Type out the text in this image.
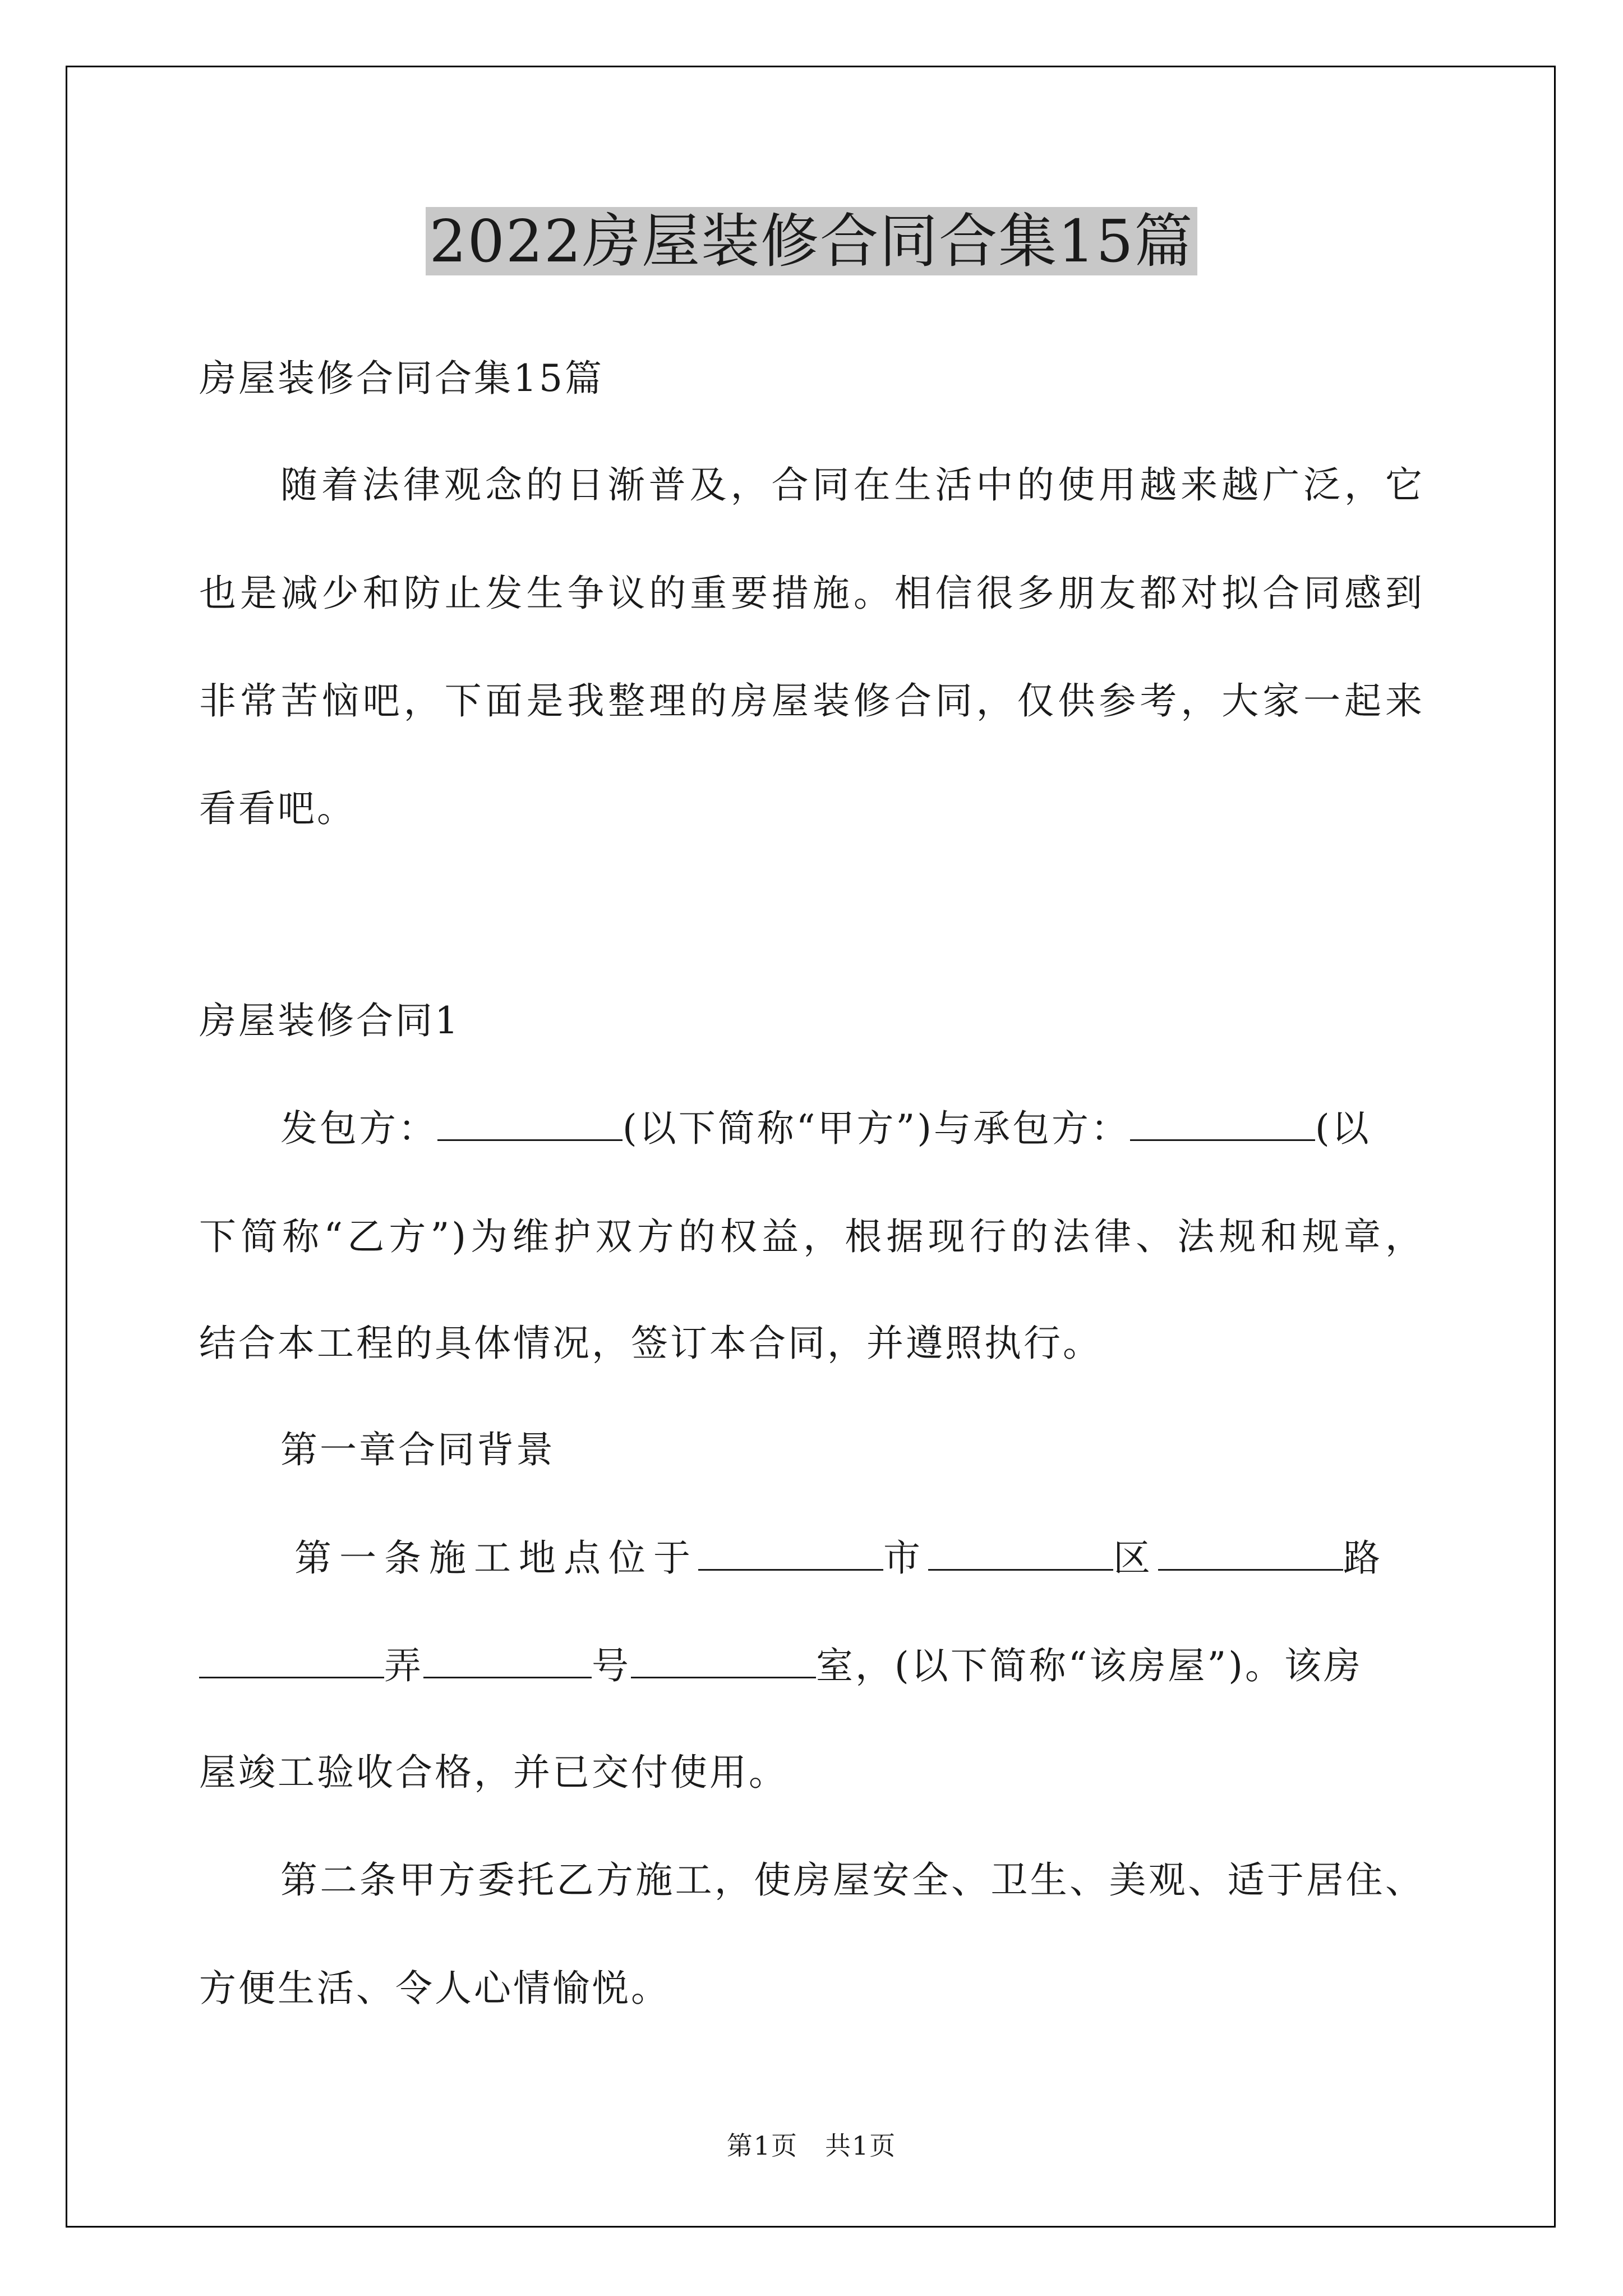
2022房屋装修合同合集15篇
房屋装修合同合集15篇
随着法律观念的日渐普及，合同在生活中的使用越来越广泛，它
也是减少和防止发生争议的重要措施。相信很多朋友都对拟合同感到
非常苦恼吧，下面是我整理的房屋装修合同，仅供参考，大家一起来
看看吧。
房屋装修合同1
发包方：	(以下简称“甲方”)与承包方：	(以
下简称“乙方”)为维护双方的权益，根据现行的法律、法规和规章，
结合本工程的具体情况，签订本合同，并遵照执行。
第一章合同背景
第一条施工地点位于	市	区	路
弄	号	室，(以下简称“该房屋”)。该房
屋竣工验收合格，并已交付使用。
第二条甲方委托乙方施工，使房屋安全、卫生、美观、适于居住、
方便生活、令人心情愉悦。
第1页　共1页
